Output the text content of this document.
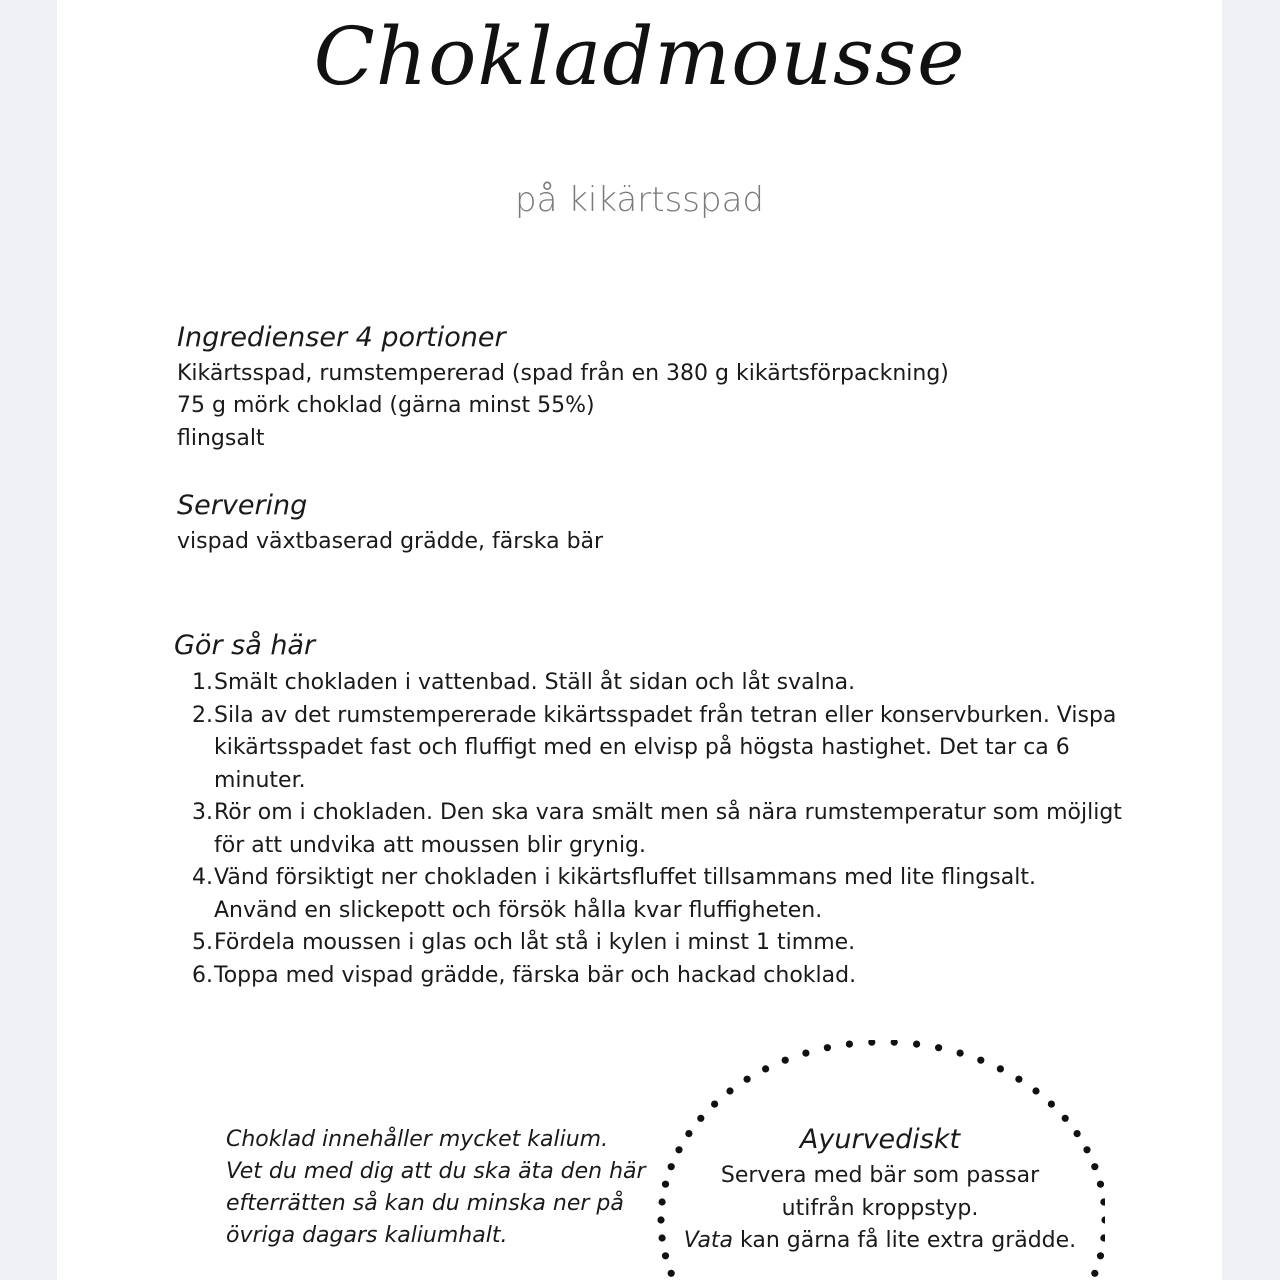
Chokladmousse
på kikärtsspad
Ingredienser 4 portioner
Kikärtsspad, rumstempererad (spad från en 380 g kikärtsförpackning)
75 g mörk choklad (gärna minst 55%)
flingsalt
Servering
vispad växtbaserad grädde, färska bär
Gör så här
1. Smält chokladen i vattenbad. Ställ åt sidan och låt svalna.
2. Sila av det rumstempererade kikärtsspadet från tetran eller konservburken. Vispa kikärtsspadet fast och fluffigt med en elvisp på högsta hastighet. Det tar ca 6 minuter.
3. Rör om i chokladen. Den ska vara smält men så nära rumstemperatur som möjligt för att undvika att moussen blir grynig.
4. Vänd försiktigt ner chokladen i kikärtsfluffet tillsammans med lite flingsalt. Använd en slickepott och försök hålla kvar fluffigheten.
5. Fördela moussen i glas och låt stå i kylen i minst 1 timme.
6. Toppa med vispad grädde, färska bär och hackad choklad.
Choklad innehåller mycket kalium.
Vet du med dig att du ska äta den här
efterrätten så kan du minska ner på
övriga dagars kaliumhalt.
Ayurvediskt
Servera med bär som passar
utifrån kroppstyp.
Vata kan gärna få lite extra grädde.
